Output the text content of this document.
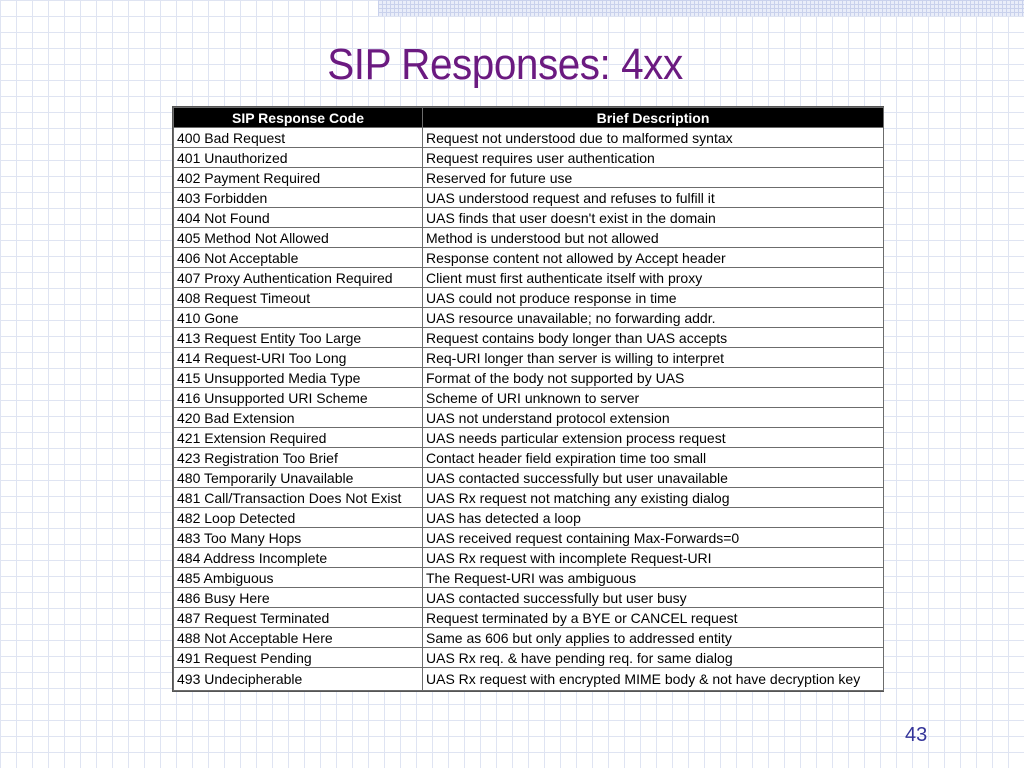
SIP Responses: 4xx
SIP Response Code	Brief Description
400 Bad Request	Request not understood due to malformed syntax
401 Unauthorized	Request requires user authentication
402 Payment Required	Reserved for future use
403 Forbidden	UAS understood request and refuses to fulfill it
404 Not Found	UAS finds that user doesn't exist in the domain
405 Method Not Allowed	Method is understood but not allowed
406 Not Acceptable	Response content not allowed by Accept header
407 Proxy Authentication Required	Client must first authenticate itself with proxy
408 Request Timeout	UAS could not produce response in time
410 Gone	UAS resource unavailable; no forwarding addr.
413 Request Entity Too Large	Request contains body longer than UAS accepts
414 Request-URI Too Long	Req-URI longer than server is willing to interpret
415 Unsupported Media Type	Format of the body not supported by UAS
416 Unsupported URI Scheme	Scheme of URI unknown to server
420 Bad Extension	UAS not understand protocol extension
421 Extension Required	UAS needs particular extension process request
423 Registration Too Brief	Contact header field expiration time too small
480 Temporarily Unavailable	UAS contacted successfully but user unavailable
481 Call/Transaction Does Not Exist	UAS Rx request not matching any existing dialog
482 Loop Detected	UAS has detected a loop
483 Too Many Hops	UAS received request containing Max-Forwards=0
484 Address Incomplete	UAS Rx request with incomplete Request-URI
485 Ambiguous	The Request-URI was ambiguous
486 Busy Here	UAS contacted successfully but user busy
487 Request Terminated	Request terminated by a BYE or CANCEL request
488 Not Acceptable Here	Same as 606 but only applies to addressed entity
491 Request Pending	UAS Rx req. & have pending req. for same dialog
493 Undecipherable	UAS Rx request with encrypted MIME body & not have decryption key
43
